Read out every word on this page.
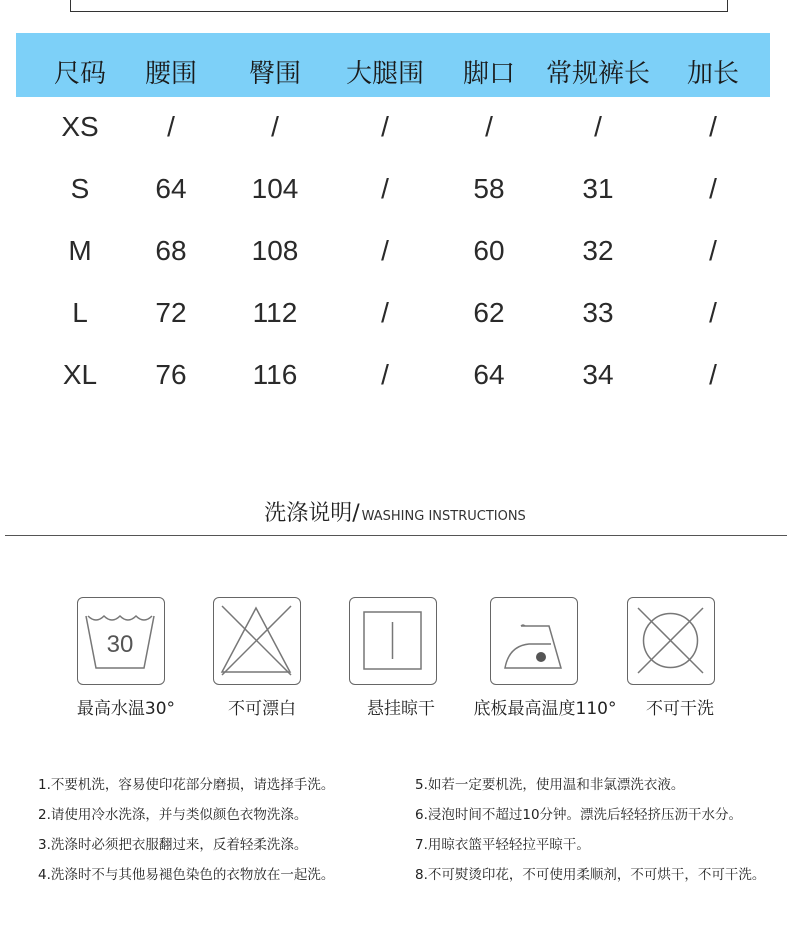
尺码 腰围 臀围 大腿围 脚口 常规裤长 加长
XS /	/	/	/	/	/
S 64 104	/	58	31	/
M 68 108	/	60	32	/
L 72 112	/	62	33	/
XL 76 116	/	64	34	/
洗涤说明/ WASHING INSTRUCTIONS
30
最高水温30°	不可漂白	悬挂晾干 底板最高温度110° 不可干洗
1.不要机洗，容易使印花部分磨损，请选择手洗。
2.请使用冷水洗涤，并与类似颜色衣物洗涤。
3.洗涤时必须把衣服翻过来，反着轻柔洗涤。
4.洗涤时不与其他易褪色染色的衣物放在一起洗。
5.如若一定要机洗，使用温和非氯漂洗衣液。
6.浸泡时间不超过10分钟。漂洗后轻轻挤压沥干水分。
7.用晾衣篮平轻轻拉平晾干。
8.不可熨烫印花，不可使用柔顺剂，不可烘干，不可干洗。
